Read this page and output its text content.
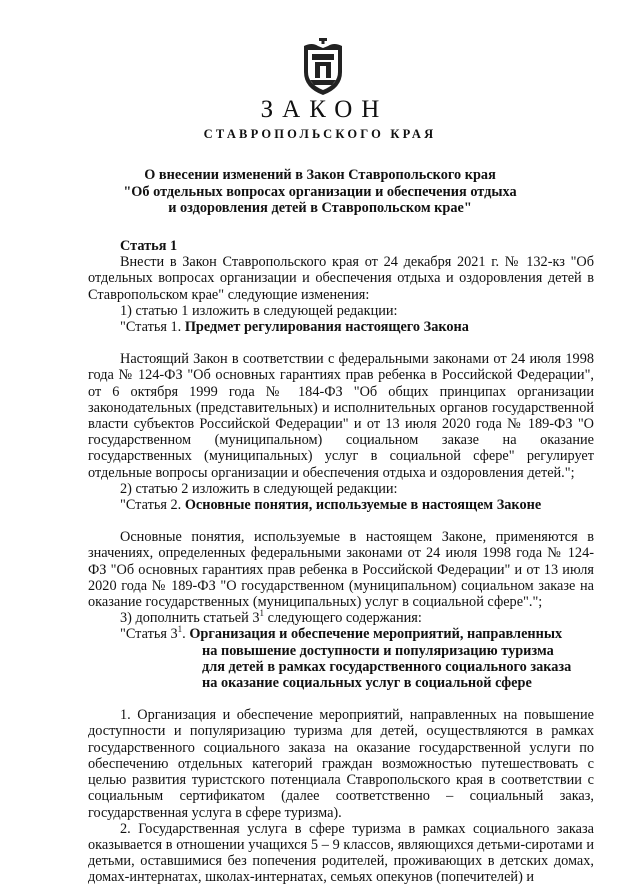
ЗАКОН
СТАВРОПОЛЬСКОГО КРАЯ
О внесении изменений в Закон Ставропольского края
"Об отдельных вопросах организации и обеспечения отдыха
и оздоровления детей в Ставропольском крае"

Статья 1

Внести в Закон Ставропольского края от 24 декабря 2021 г. № 132-кз "Об отдельных вопросах организации и обеспечения отдыха и оздоровления детей в Ставропольском крае" следующие изменения:

1) статью 1 изложить в следующей редакции:

"Статья 1. Предмет регулирования настоящего Закона

Настоящий Закон в соответствии с федеральными законами от 24 июля 1998 года № 124-ФЗ "Об основных гарантиях прав ребенка в Российской Федерации", от 6 октября 1999 года № 184-ФЗ "Об общих принципах организации законодательных (представительных) и исполнительных органов государственной власти субъектов Российской Федерации" и от 13 июля 2020 года № 189-ФЗ "О государственном (муниципальном) социальном заказе на оказание государственных (муниципальных) услуг в социальной сфере" регулирует отдельные вопросы организации и обеспечения отдыха и оздоровления детей.";

2) статью 2 изложить в следующей редакции:

"Статья 2. Основные понятия, используемые в настоящем Законе

Основные понятия, используемые в настоящем Законе, применяются в значениях, определенных федеральными законами от 24 июля 1998 года № 124-ФЗ "Об основных гарантиях прав ребенка в Российской Федерации" и от 13 июля 2020 года № 189-ФЗ "О государственном (муниципальном) социальном заказе на оказание государственных (муниципальных) услуг в социальной сфере".";

3) дополнить статьей $3^1$ следующего содержания:

"Статья $3^1$. Организация и обеспечение мероприятий, направленных

на повышение доступности и популяризацию туризма

для детей в рамках государственного социального заказа

на оказание социальных услуг в социальной сфере

1. Организация и обеспечение мероприятий, направленных на повышение доступности и популяризацию туризма для детей, осуществляются в рамках государственного социального заказа на оказание государственной услуги по обеспечению отдельных категорий граждан возможностью путешествовать с целью развития туристского потенциала Ставропольского края в соответствии с социальным сертификатом (далее соответственно – социальный заказ, государственная услуга в сфере туризма).

2. Государственная услуга в сфере туризма в рамках социального заказа оказывается в отношении учащихся 5 – 9 классов, являющихся детьми-сиротами и детьми, оставшимися без попечения родителей, проживающих в детских домах, домах-интернатах, школах-интернатах, семьях опекунов (попечителей) и
